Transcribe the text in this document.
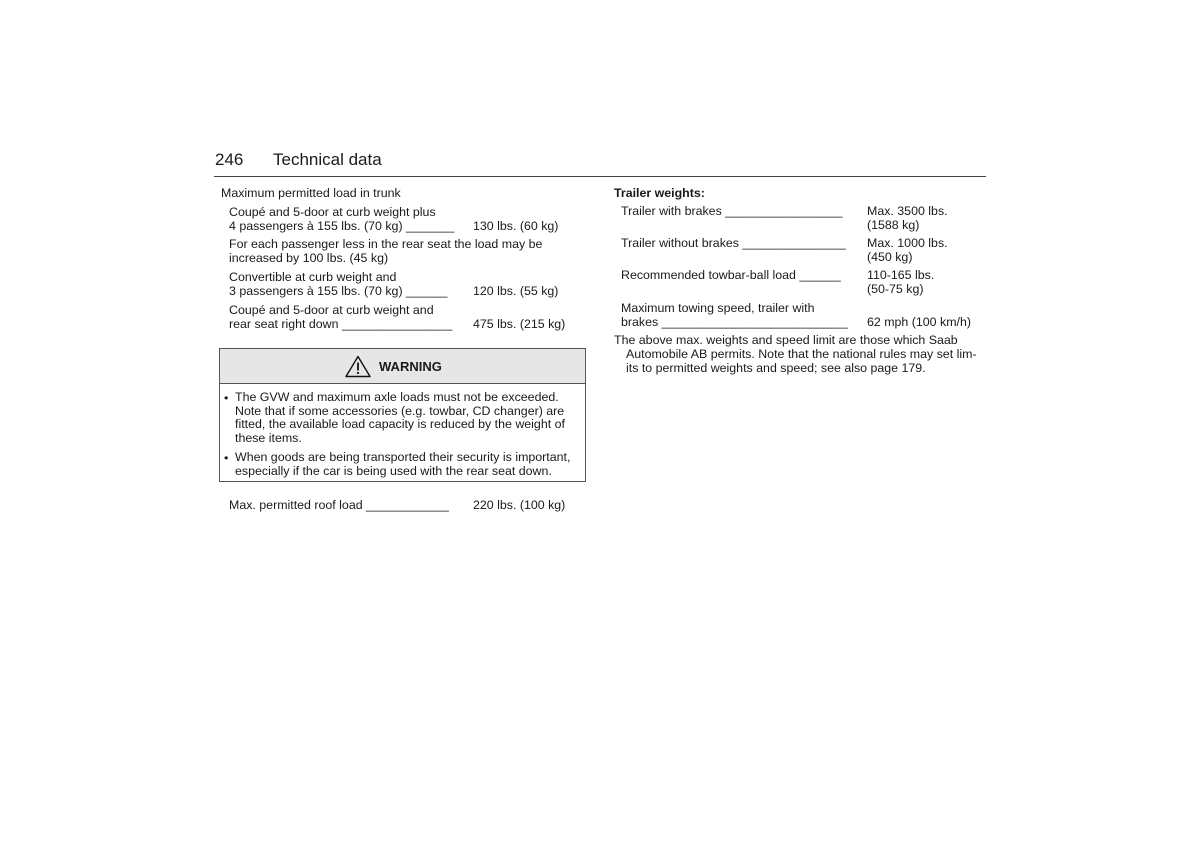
246 Technical data
Maximum permitted load in trunk
Coupé and 5-door at curb weight plus
4 passengers à 155 lbs. (70 kg) _______ 130 lbs. (60 kg)
For each passenger less in the rear seat the load may be
increased by 100 lbs. (45 kg)
Convertible at curb weight and
3 passengers à 155 lbs. (70 kg) ______ 120 lbs. (55 kg)
Coupé and 5-door at curb weight and
rear seat right down ________________ 475 lbs. (215 kg)
WARNING
• The GVW and maximum axle loads must not be exceeded. Note that if some accessories (e.g. towbar, CD changer) are fitted, the available load capacity is reduced by the weight of these items.
• When goods are being transported their security is important, especially if the car is being used with the rear seat down.
Max. permitted roof load ____________ 220 lbs. (100 kg)
Trailer weights:
Trailer with brakes _________________ Max. 3500 lbs.
(1588 kg)
Trailer without brakes _______________ Max. 1000 lbs.
(450 kg)
Recommended towbar-ball load ______ 110-165 lbs.
(50-75 kg)
Maximum towing speed, trailer with
brakes ___________________________ 62 mph (100 km/h)
The above max. weights and speed limit are those which Saab
Automobile AB permits. Note that the national rules may set lim-
its to permitted weights and speed; see also page 179.
